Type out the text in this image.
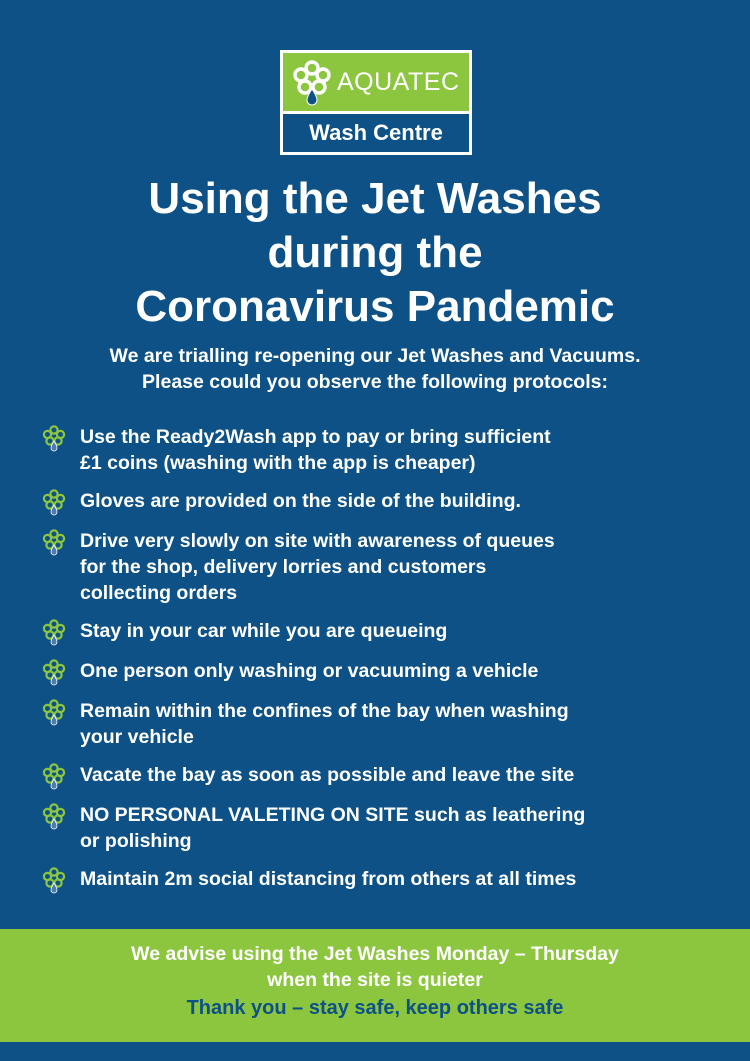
AQUATEC
Wash Centre
Using the Jet Washes
during the
Coronavirus Pandemic

We are trialling re-opening our Jet Washes and Vacuums.
Please could you observe the following protocols:

Use the Ready2Wash app to pay or bring sufficient
£1 coins (washing with the app is cheaper)
Gloves are provided on the side of the building.
Drive very slowly on site with awareness of queues
for the shop, delivery lorries and customers
collecting orders
Stay in your car while you are queueing
One person only washing or vacuuming a vehicle
Remain within the confines of the bay when washing
your vehicle
Vacate the bay as soon as possible and leave the site
NO PERSONAL VALETING ON SITE such as leathering
or polishing
Maintain 2m social distancing from others at all times
We advise using the Jet Washes Monday – Thursday
when the site is quieter
Thank you – stay safe, keep others safe
